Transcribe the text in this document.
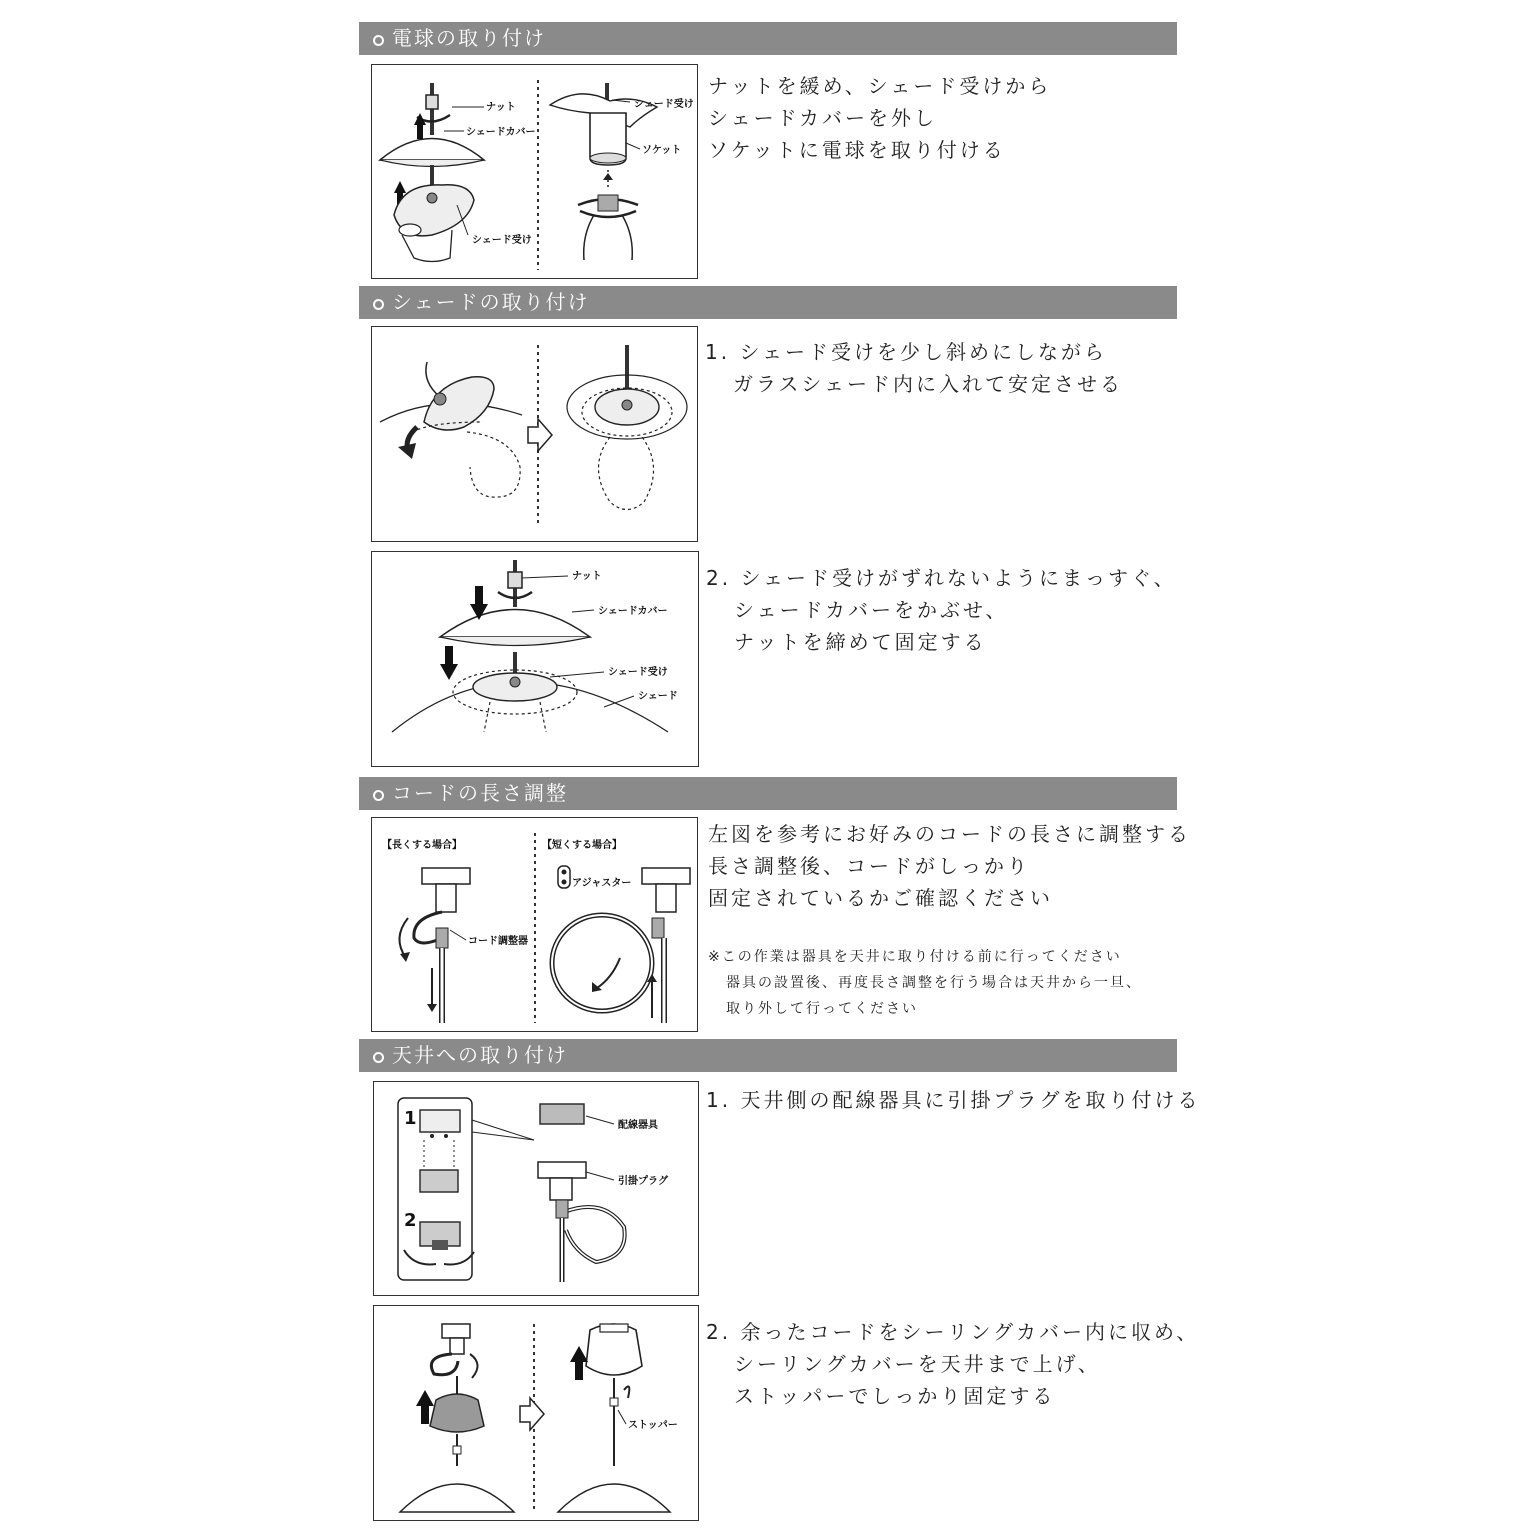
電球の取り付け
ナット
シェードカバー
シェード受け
シェード受け
ソケット
ナットを緩め、シェード受けから
シェードカバーを外し
ソケットに電球を取り付ける
シェードの取り付け
1. シェード受けを少し斜めにしながら
ガラスシェード内に入れて安定させる
ナット
シェードカバー
シェード受け
シェード
2. シェード受けがずれないようにまっすぐ、
シェードカバーをかぶせ、
ナットを締めて固定する
コードの長さ調整
【長くする場合】	【短くする場合】
コード調整器
アジャスター
左図を参考にお好みのコードの長さに調整する
長さ調整後、コードがしっかり
固定されているかご確認ください
※この作業は器具を天井に取り付ける前に行ってください
器具の設置後、再度長さ調整を行う場合は天井から一旦、
取り外して行ってください
天井への取り付け
1
2
配線器具
引掛プラグ
1. 天井側の配線器具に引掛プラグを取り付ける
ストッパー
2. 余ったコードをシーリングカバー内に収め、
シーリングカバーを天井まで上げ、
ストッパーでしっかり固定する
